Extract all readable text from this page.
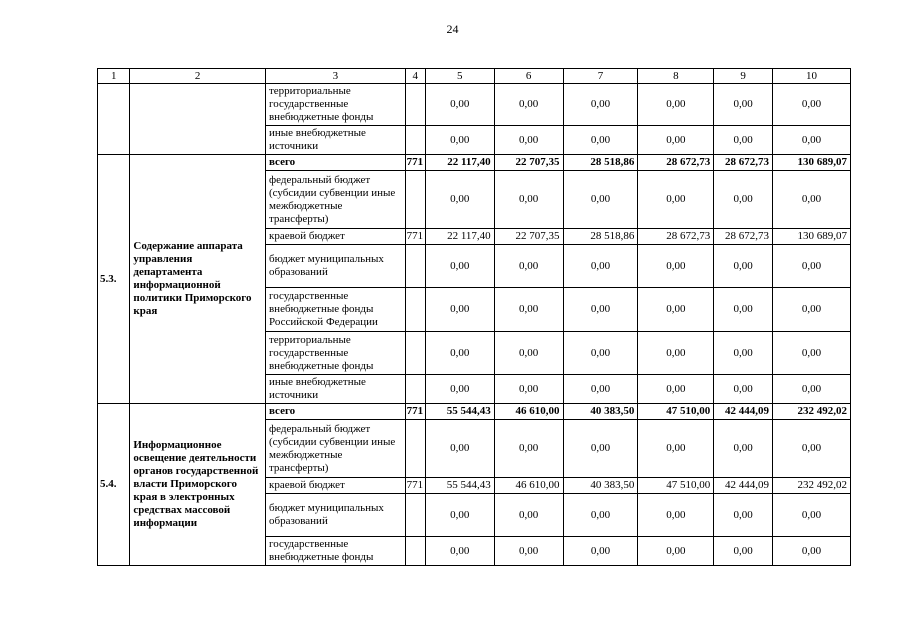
24
1	2	3	4	5	6	7	8	9	10
		территориальные государственные внебюджетные фонды		0,00	0,00	0,00	0,00	0,00	0,00
		иные внебюджетные источники		0,00	0,00	0,00	0,00	0,00	0,00
5.3.	Содержание аппарата управления департамента информационной политики Приморского края	всего	771	22 117,40	22 707,35	28 518,86	28 672,73	28 672,73	130 689,07
		федеральный бюджет (субсидии субвенции иные межбюджетные трансферты)		0,00	0,00	0,00	0,00	0,00	0,00
		краевой бюджет	771	22 117,40	22 707,35	28 518,86	28 672,73	28 672,73	130 689,07
		бюджет муниципальных образований		0,00	0,00	0,00	0,00	0,00	0,00
		государственные внебюджетные фонды Российской Федерации		0,00	0,00	0,00	0,00	0,00	0,00
		территориальные государственные внебюджетные фонды		0,00	0,00	0,00	0,00	0,00	0,00
		иные внебюджетные источники		0,00	0,00	0,00	0,00	0,00	0,00
5.4.	Информационное освещение деятельности органов государственной власти Приморского края в электронных средствах массовой информации	всего	771	55 544,43	46 610,00	40 383,50	47 510,00	42 444,09	232 492,02
		федеральный бюджет (субсидии субвенции иные межбюджетные трансферты)		0,00	0,00	0,00	0,00	0,00	0,00
		краевой бюджет	771	55 544,43	46 610,00	40 383,50	47 510,00	42 444,09	232 492,02
		бюджет муниципальных образований		0,00	0,00	0,00	0,00	0,00	0,00
		государственные внебюджетные фонды		0,00	0,00	0,00	0,00	0,00	0,00
